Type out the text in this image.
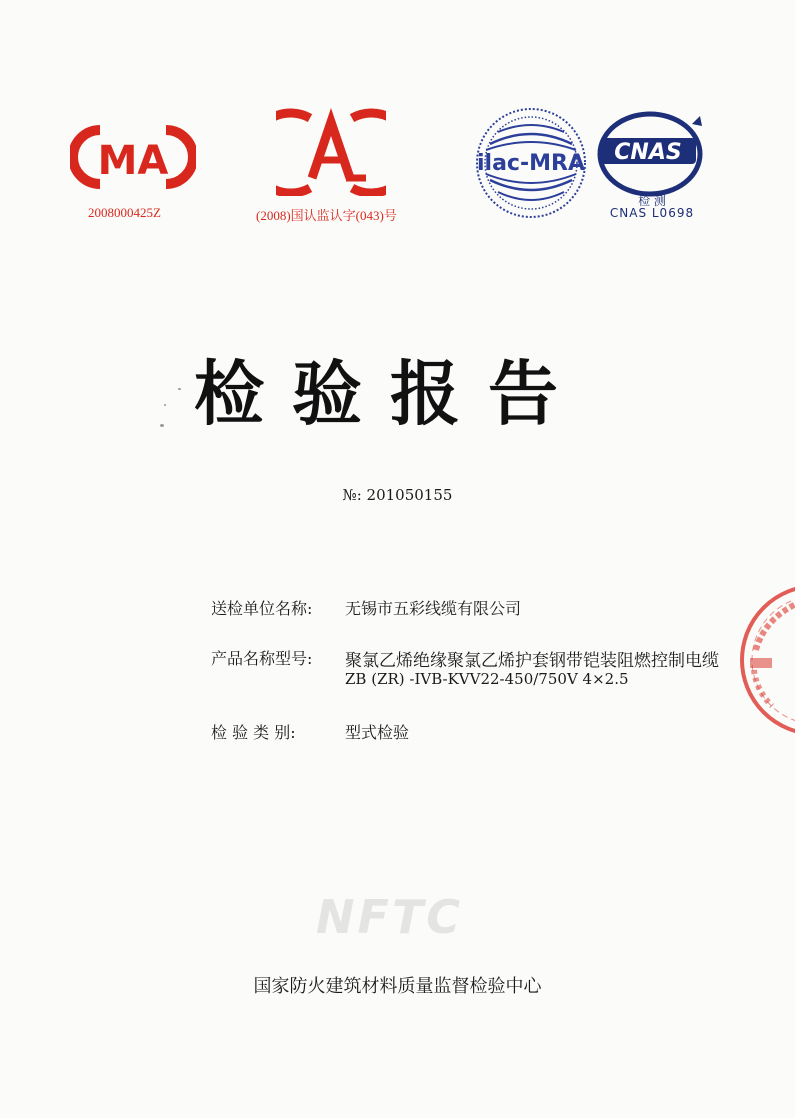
MA
2008000425Z	(2008)国认监认字(043)号
ilac-MRA CNAS
检 测
CNAS L0698
检验报告
№: 201050155
送检单位名称: 无锡市五彩线缆有限公司
产品名称型号: 聚氯乙烯绝缘聚氯乙烯护套钢带铠装阻燃控制电缆
ZB (ZR) -IVB-KVV22-450/750V 4×2.5
检 验 类 别:	型式检验
NFTC
国家防火建筑材料质量监督检验中心
